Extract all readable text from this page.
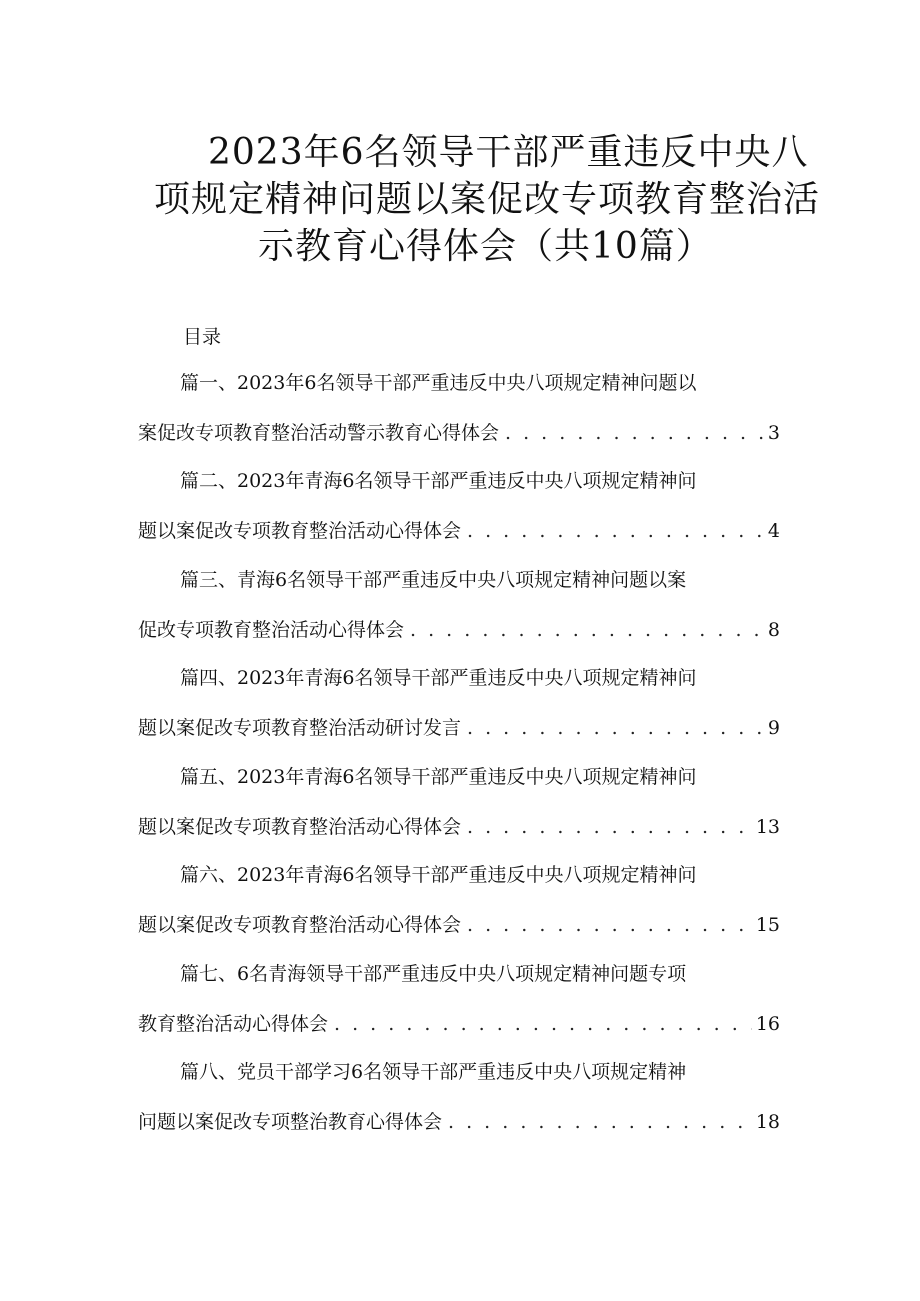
2023年6名领导干部严重违反中央八
项规定精神问题以案促改专项教育整治活
示教育心得体会（共10篇）
目录
篇一、2023年6名领导干部严重违反中央八项规定精神问题以
案促改专项教育整治活动警示教育心得体会 . . .	3
篇二、2023年青海6名领导干部严重违反中央八项规定精神问
题以案促改专项教育整治活动心得体会 . . .	4
篇三、青海6名领导干部严重违反中央八项规定精神问题以案
促改专项教育整治活动心得体会 . . .	8
篇四、2023年青海6名领导干部严重违反中央八项规定精神问
题以案促改专项教育整治活动研讨发言 . . .	9
篇五、2023年青海6名领导干部严重违反中央八项规定精神问
题以案促改专项教育整治活动心得体会 . . .	13
篇六、2023年青海6名领导干部严重违反中央八项规定精神问
题以案促改专项教育整治活动心得体会 . . .	15
篇七、6名青海领导干部严重违反中央八项规定精神问题专项
教育整治活动心得体会 . . .	16
篇八、党员干部学习6名领导干部严重违反中央八项规定精神
问题以案促改专项整治教育心得体会 . . .	18
